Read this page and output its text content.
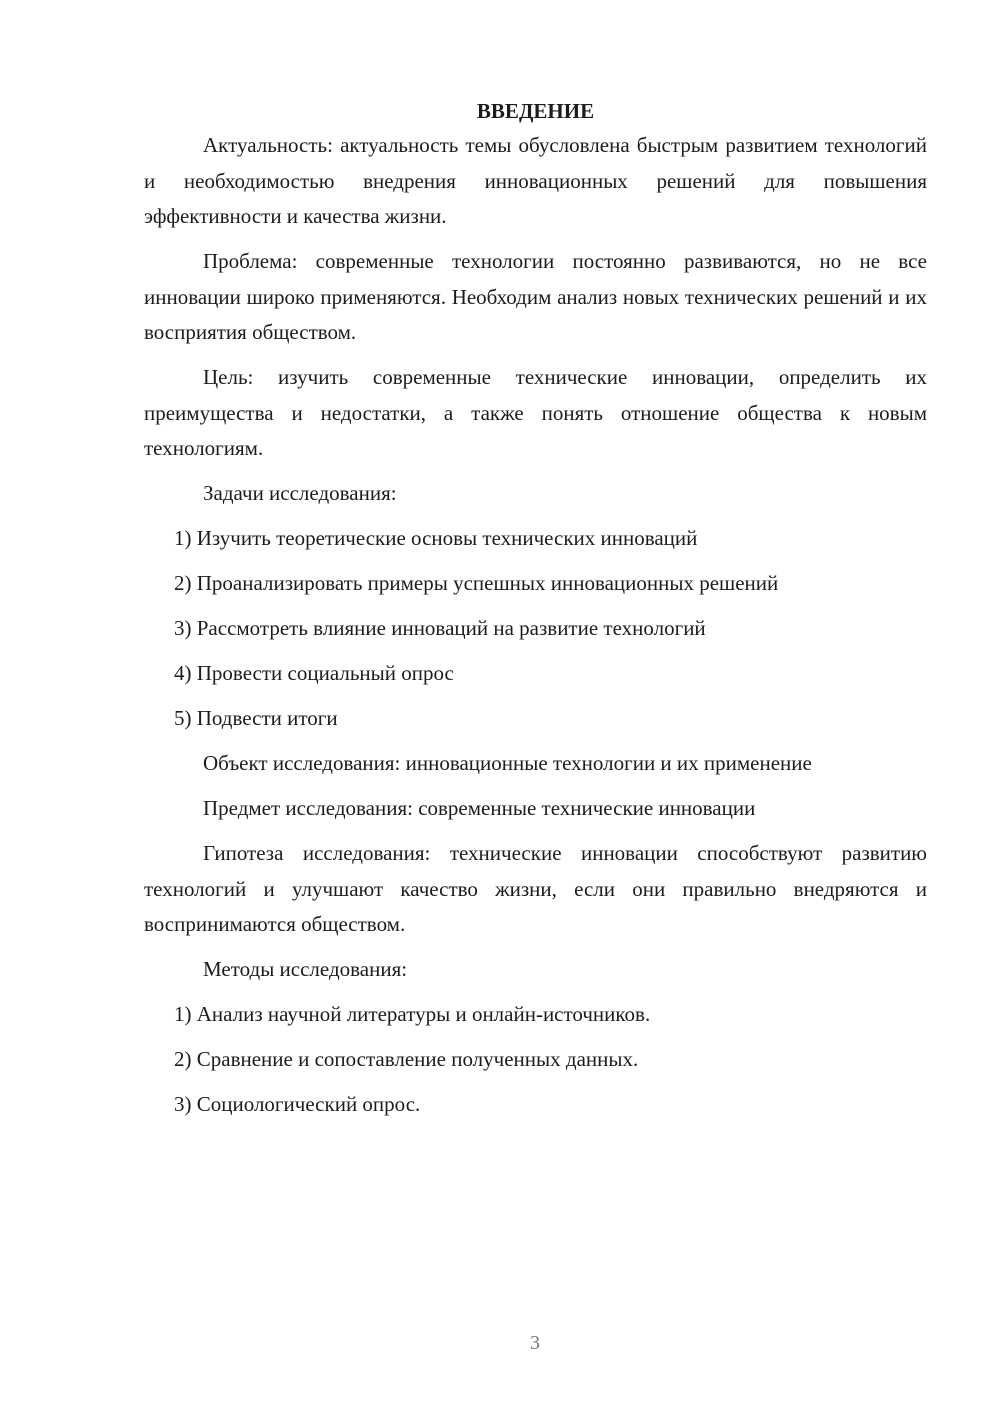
ВВЕДЕНИЕ

Актуальность: актуальность темы обусловлена быстрым развитием технологий и необходимостью внедрения инновационных решений для повышения эффективности и качества жизни.

Проблема: современные технологии постоянно развиваются, но не все инновации широко применяются. Необходим анализ новых технических решений и их восприятия обществом.

Цель: изучить современные технические инновации, определить их преимущества и недостатки, а также понять отношение общества к новым технологиям.

Задачи исследования:

1) Изучить теоретические основы технических инноваций
2) Проанализировать примеры успешных инновационных решений
3) Рассмотреть влияние инноваций на развитие технологий
4) Провести социальный опрос
5) Подвести итоги

Объект исследования: инновационные технологии и их применение

Предмет исследования: современные технические инновации

Гипотеза исследования: технические инновации способствуют развитию технологий и улучшают качество жизни, если они правильно внедряются и воспринимаются обществом.

Методы исследования:

1) Анализ научной литературы и онлайн-источников.
2) Сравнение и сопоставление полученных данных.
3) Социологический опрос.
3
